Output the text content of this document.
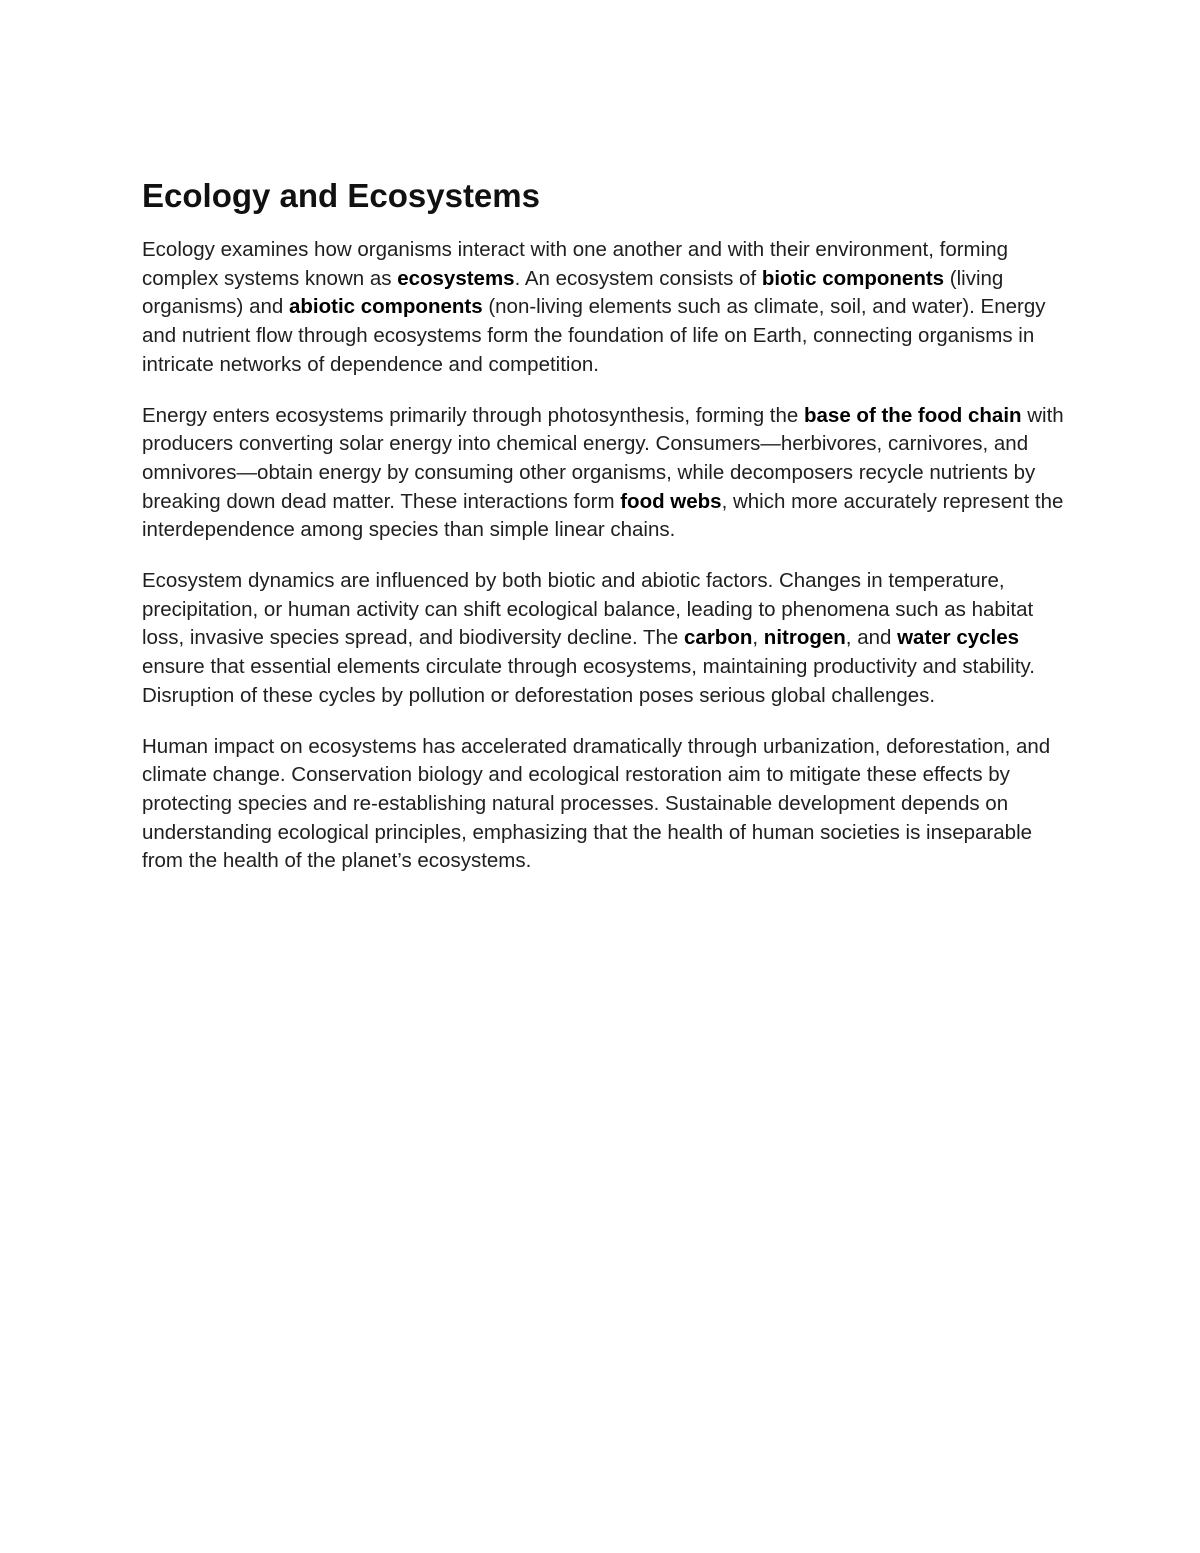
Ecology and Ecosystems

Ecology examines how organisms interact with one another and with their environment, forming complex systems known as ecosystems. An ecosystem consists of biotic components (living organisms) and abiotic components (non-living elements such as climate, soil, and water). Energy and nutrient flow through ecosystems form the foundation of life on Earth, connecting organisms in intricate networks of dependence and competition.

Energy enters ecosystems primarily through photosynthesis, forming the base of the food chain with producers converting solar energy into chemical energy. Consumers—herbivores, carnivores, and omnivores—obtain energy by consuming other organisms, while decomposers recycle nutrients by breaking down dead matter. These interactions form food webs, which more accurately represent the interdependence among species than simple linear chains.

Ecosystem dynamics are influenced by both biotic and abiotic factors. Changes in temperature, precipitation, or human activity can shift ecological balance, leading to phenomena such as habitat loss, invasive species spread, and biodiversity decline. The carbon, nitrogen, and water cycles ensure that essential elements circulate through ecosystems, maintaining productivity and stability. Disruption of these cycles by pollution or deforestation poses serious global challenges.

Human impact on ecosystems has accelerated dramatically through urbanization, deforestation, and climate change. Conservation biology and ecological restoration aim to mitigate these effects by protecting species and re-establishing natural processes. Sustainable development depends on understanding ecological principles, emphasizing that the health of human societies is inseparable from the health of the planet’s ecosystems.
